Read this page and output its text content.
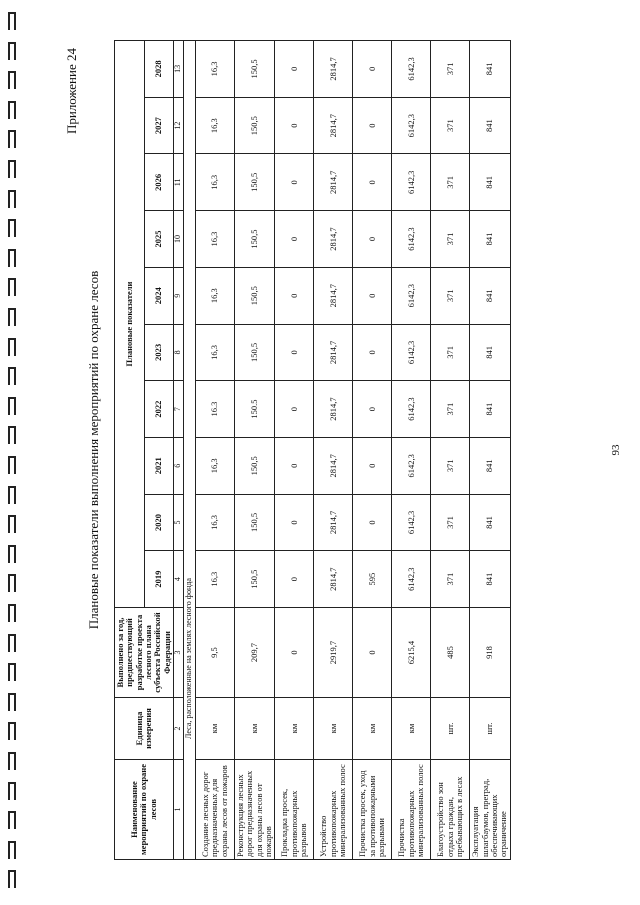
Приложение 24
Плановые показатели выполнения мероприятий по охране лесов
Наименование мероприятий по охране лесов	Единица измерения	Выполнено за год, предшествующий разработке проекта лесного плана субъекта Российской Федерации	Плановые показатели									
			2019	2020	2021	2022	2023	2024	2025	2026	2027	2028
1	2	3	4	5	6	7	8	9	10	11	12	13
Леса, расположенные на землях лесного фонда												
Создание лесных дорог предназначенных для охраны лесов от пожаров	км	9,5	16,3	16,3	16,3	16.3	16,3	16,3	16,3	16,3	16,3	16,3
Реконструкция лесных дорог предназначенных для охраны лесов от пожаров	км	209,7	150,5	150,5	150,5	150.5	150,5	150,5	150,5	150,5	150,5	150,5
Прокладка просек, противопожарных разрывов	км	0	0	0	0	0	0	0	0	0	0	0
Устройство противопожарных минерализованных полос	км	2919,7	2814,7	2814,7	2814,7	2814,7	2814,7	2814,7	2814,7	2814,7	2814,7	2814,7
Прочистка просек, уход за противопожарными разрывами	км	0	595	0	0	0	0	0	0	0	0	0
Прочистка противопожарных минерализованных полос	км	6215,4	6142,3	6142,3	6142,3	6142,3	6142,3	6142,3	6142,3	6142,3	6142,3	6142,3
Благоустройство зон отдыха граждан, пребывающих в лесах	шт.	485	371	371	371	371	371	371	371	371	371	371
Эксплуатация шлагбаумов, преград, обеспечивающих ограничение	шт.	918	841	841	841	841	841	841	841	841	841	841
93
